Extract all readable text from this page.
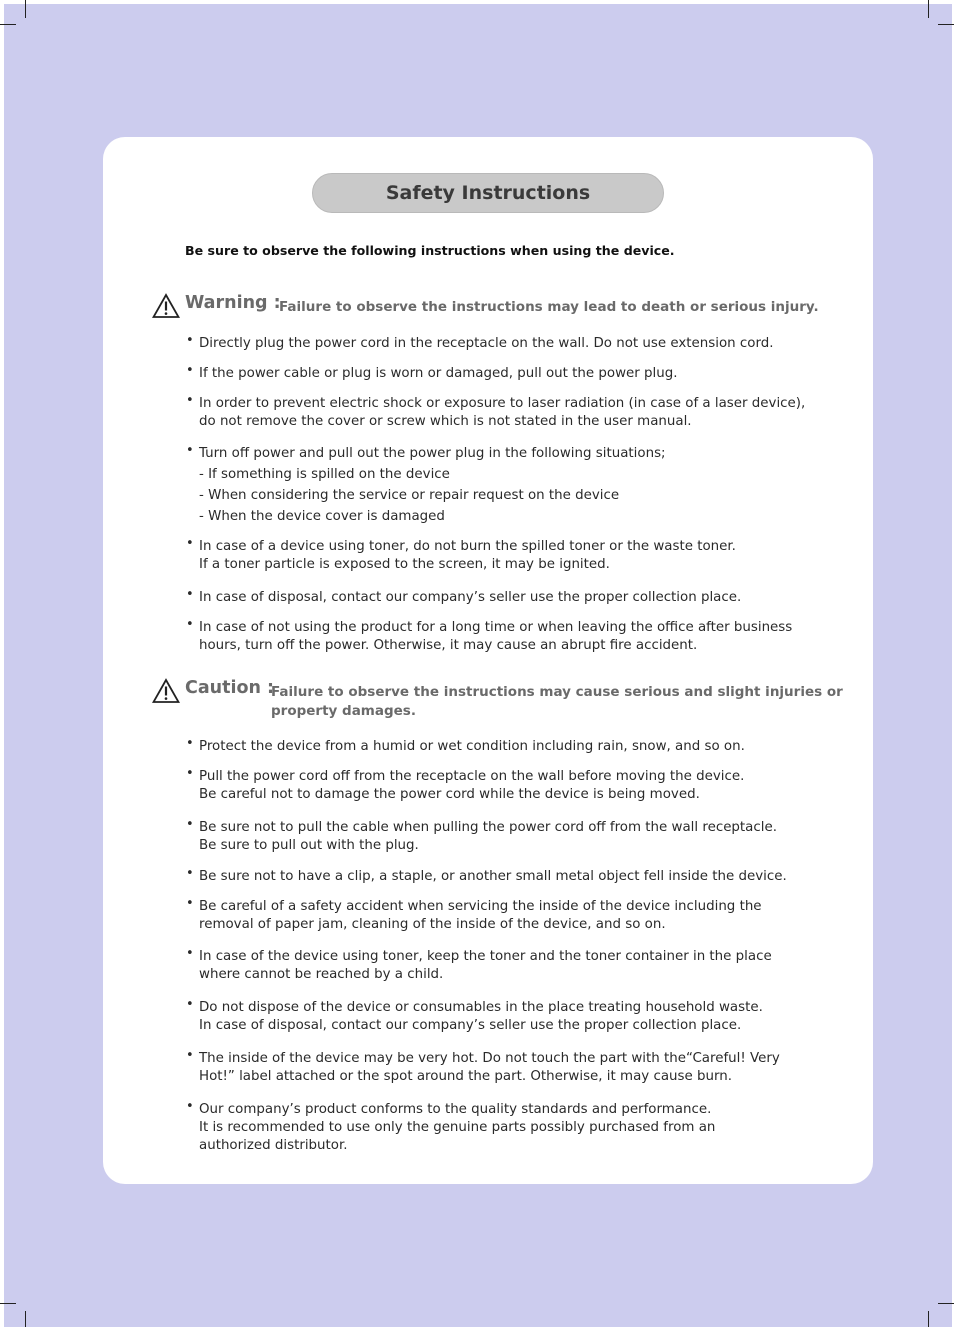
Safety Instructions
Be sure to observe the following instructions when using the device.
Warning :
Failure to observe the instructions may lead to death or serious injury.
• Directly plug the power cord in the receptacle on the wall. Do not use extension cord.
• If the power cable or plug is worn or damaged, pull out the power plug.
• In order to prevent electric shock or exposure to laser radiation (in case of a laser device),
do not remove the cover or screw which is not stated in the user manual.
• Turn off power and pull out the power plug in the following situations;
- If something is spilled on the device
- When considering the service or repair request on the device
- When the device cover is damaged
• In case of a device using toner, do not burn the spilled toner or the waste toner.
If a toner particle is exposed to the screen, it may be ignited.
• In case of disposal, contact our company’s seller use the proper collection place.
• In case of not using the product for a long time or when leaving the office after business
hours, turn off the power. Otherwise, it may cause an abrupt fire accident.
Caution :
Failure to observe the instructions may cause serious and slight injuries or
property damages.
• Protect the device from a humid or wet condition including rain, snow, and so on.
• Pull the power cord off from the receptacle on the wall before moving the device.
Be careful not to damage the power cord while the device is being moved.
• Be sure not to pull the cable when pulling the power cord off from the wall receptacle.
Be sure to pull out with the plug.
• Be sure not to have a clip, a staple, or another small metal object fell inside the device.
• Be careful of a safety accident when servicing the inside of the device including the
removal of paper jam, cleaning of the inside of the device, and so on.
• In case of the device using toner, keep the toner and the toner container in the place
where cannot be reached by a child.
• Do not dispose of the device or consumables in the place treating household waste.
In case of disposal, contact our company’s seller use the proper collection place.
• The inside of the device may be very hot. Do not touch the part with the“Careful! Very
Hot!” label attached or the spot around the part. Otherwise, it may cause burn.
• Our company’s product conforms to the quality standards and performance.
It is recommended to use only the genuine parts possibly purchased from an
authorized distributor.
